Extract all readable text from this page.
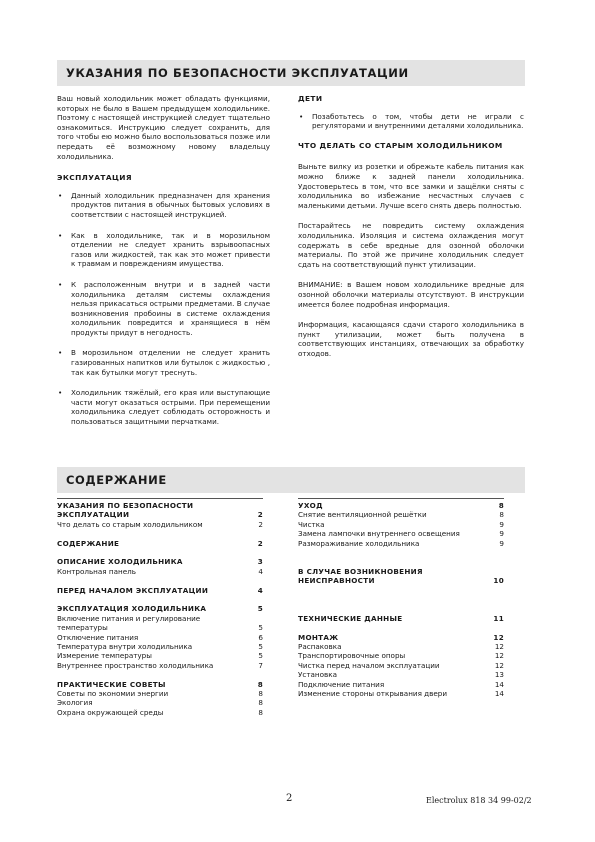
УКАЗАНИЯ ПО БЕЗОПАСНОСТИ ЭКСПЛУАТАЦИИ

Ваш новый холодильник может обладать функциями, которых не было в Вашем предыдущем холодильнике. Поэтому с настоящей инструкцией следует тщательно ознакомиться. Инструкцию следует сохранить, для того чтобы ею можно было воспользоваться позже или передать её возможному новому владельцу холодильника.

ЭКСПЛУАТАЦИЯ

• Данный холодильник предназначен для хранения продуктов питания в обычных бытовых условиях в соответствии с настоящей инструкцией.

• Как в холодильнике, так и в морозильном отделении не следует хранить взрывоопасных газов или жидкостей, так как это может привести к травмам и повреждениям имущества.

• К расположенным внутри и в задней части холодильника деталям системы охлаждения нельзя прикасаться острыми предметами. В случае возникновения пробоины в системе охлаждения холодильник повредится и хранящиеся в нём продукты придут в негодность.

• В морозильном отделении не следует хранить газированных напитков или бутылок с жидкостью , так как бутылки могут треснуть.

• Холодильник тяжёлый, его края или выступающие части могут оказаться острыми. При перемещении холодильника следует соблюдать осторожность и пользоваться защитными перчатками.

ДЕТИ

• Позаботьтесь о том, чтобы дети не играли с регуляторами и внутренними деталями холодильника.

ЧТО ДЕЛАТЬ СО СТАРЫМ ХОЛОДИЛЬНИКОМ

Выньте вилку из розетки и обрежьте кабель питания как можно ближе к задней панели холодильника. Удостоверьтесь в том, что все замки и защёлки сняты с холодильника во избежание несчастных случаев с маленькими детьми. Лучше всего снять дверь полностью.

Постарайтесь не повредить систему охлаждения холодильника. Изоляция и система охлаждения могут содержать в себе вредные для озонной оболочки материалы. По этой же причине холодильник следует сдать на соответствующий пункт утилизации.

ВНИМАНИЕ: в Вашем новом холодильнике вредные для озонной оболочки материалы отсутствуют. В инструкции имеется более подробная информация.

Информация, касающаяся сдачи старого холодильника в пункт утилизации, может быть получена в соответствующих инстанциях, отвечающих за обработку отходов.

СОДЕРЖАНИЕ
УКАЗАНИЯ ПО БЕЗОПАСНОСТИ
ЭКСПЛУАТАЦИИ	2
Что делать со старым холодильником	2
СОДЕРЖАНИЕ	2
ОПИСАНИЕ ХОЛОДИЛЬНИКА	3
Контрольная панель	4
ПЕРЕД НАЧАЛОМ ЭКСПЛУАТАЦИИ	4
ЭКСПЛУАТАЦИЯ ХОЛОДИЛЬНИКА	5
Включение питания и регулирование
температуры	5
Отключение питания	6
Температура внутри холодильника	5
Измерение температуры	5
Внутреннее пространство холодильника	7
ПРАКТИЧЕСКИЕ СОВЕТЫ	8
Советы по экономии энергии	8
Экология	8
Охрана окружающей среды	8
УХОД	8
Снятие вентиляционной решётки	8
Чистка	9
Замена лампочки внутреннего освещения	9
Размораживание холодильника	9
В СЛУЧАЕ ВОЗНИКНОВЕНИЯ
НЕИСПРАВНОСТИ	10
ТЕХНИЧЕСКИЕ ДАННЫЕ	11
МОНТАЖ	12
Распаковка	12
Транспортировочные опоры	12
Чистка перед началом эксплуатации	12
Установка	13
Подключение питания	14
Изменение стороны открывания двери	14
2	Electrolux 818 34 99-02/2
